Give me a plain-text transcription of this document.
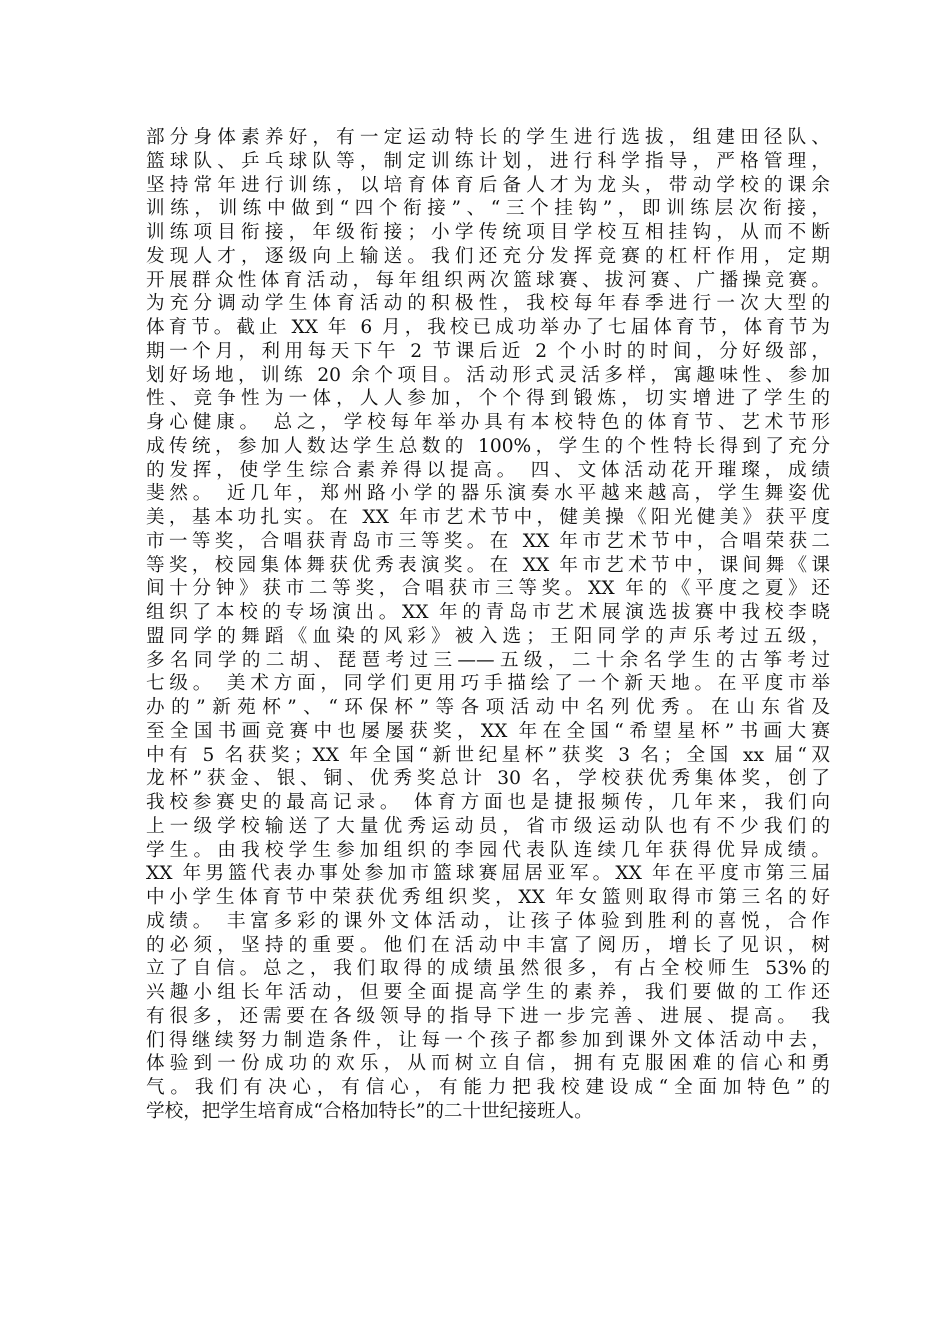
部分身体素养好，有一定运动特长的学生进行选拔，组建田径队、
篮球队、乒乓球队等，制定训练计划，进行科学指导，严格管理，
坚持常年进行训练，以培育体育后备人才为龙头，带动学校的课余
训练，训练中做到“四个衔接”、“三个挂钩”，即训练层次衔接，
训练项目衔接，年级衔接；小学传统项目学校互相挂钩，从而不断
发现人才，逐级向上输送。我们还充分发挥竞赛的杠杆作用，定期
开展群众性体育活动，每年组织两次篮球赛、拔河赛、广播操竞赛。
为充分调动学生体育活动的积极性，我校每年春季进行一次大型的
体育节。截止 XX 年 6 月，我校已成功举办了七届体育节，体育节为
期一个月，利用每天下午 2 节课后近 2 个小时的时间，分好级部，
划好场地，训练 20 余个项目。活动形式灵活多样，寓趣味性、参加
性、竞争性为一体，人人参加，个个得到锻炼，切实增进了学生的
身心健康。 总之，学校每年举办具有本校特色的体育节、艺术节形
成传统，参加人数达学生总数的 100%，学生的个性特长得到了充分
的发挥，使学生综合素养得以提高。 四、文体活动花开璀璨，成绩
斐然。 近几年，郑州路小学的器乐演奏水平越来越高，学生舞姿优
美，基本功扎实。在 XX 年市艺术节中，健美操《阳光健美》获平度
市一等奖，合唱获青岛市三等奖。在 XX 年市艺术节中，合唱荣获二
等奖，校园集体舞获优秀表演奖。在 XX 年市艺术节中，课间舞《课
间十分钟》获市二等奖，合唱获市三等奖。XX 年的《平度之夏》还
组织了本校的专场演出。XX 年的青岛市艺术展演选拔赛中我校李晓
盟同学的舞蹈《血染的风彩》被入选；王阳同学的声乐考过五级，
多名同学的二胡、琵琶考过三——五级，二十余名学生的古筝考过
七级。 美术方面，同学们更用巧手描绘了一个新天地。在平度市举
办的”新苑杯”、“环保杯”等各项活动中名列优秀。在山东省及
至全国书画竞赛中也屡屡获奖，XX 年在全国“希望星杯”书画大赛
中有 5 名获奖；XX 年全国“新世纪星杯”获奖 3 名；全国 xx 届“双
龙杯”获金、银、铜、优秀奖总计 30 名，学校获优秀集体奖，创了
我校参赛史的最高记录。 体育方面也是捷报频传，几年来，我们向
上一级学校输送了大量优秀运动员，省市级运动队也有不少我们的
学生。由我校学生参加组织的李园代表队连续几年获得优异成绩。
XX 年男篮代表办事处参加市篮球赛屈居亚军。XX 年在平度市第三届
中小学生体育节中荣获优秀组织奖，XX 年女篮则取得市第三名的好
成绩。 丰富多彩的课外文体活动，让孩子体验到胜利的喜悦，合作
的必须，坚持的重要。他们在活动中丰富了阅历，增长了见识，树
立了自信。总之，我们取得的成绩虽然很多，有占全校师生 53%的
兴趣小组长年活动，但要全面提高学生的素养，我们要做的工作还
有很多，还需要在各级领导的指导下进一步完善、进展、提高。 我
们得继续努力制造条件，让每一个孩子都参加到课外文体活动中去，
体验到一份成功的欢乐，从而树立自信，拥有克服困难的信心和勇
气。我们有决心，有信心，有能力把我校建设成“全面加特色”的
学校，把学生培育成“合格加特长”的二十世纪接班人。
